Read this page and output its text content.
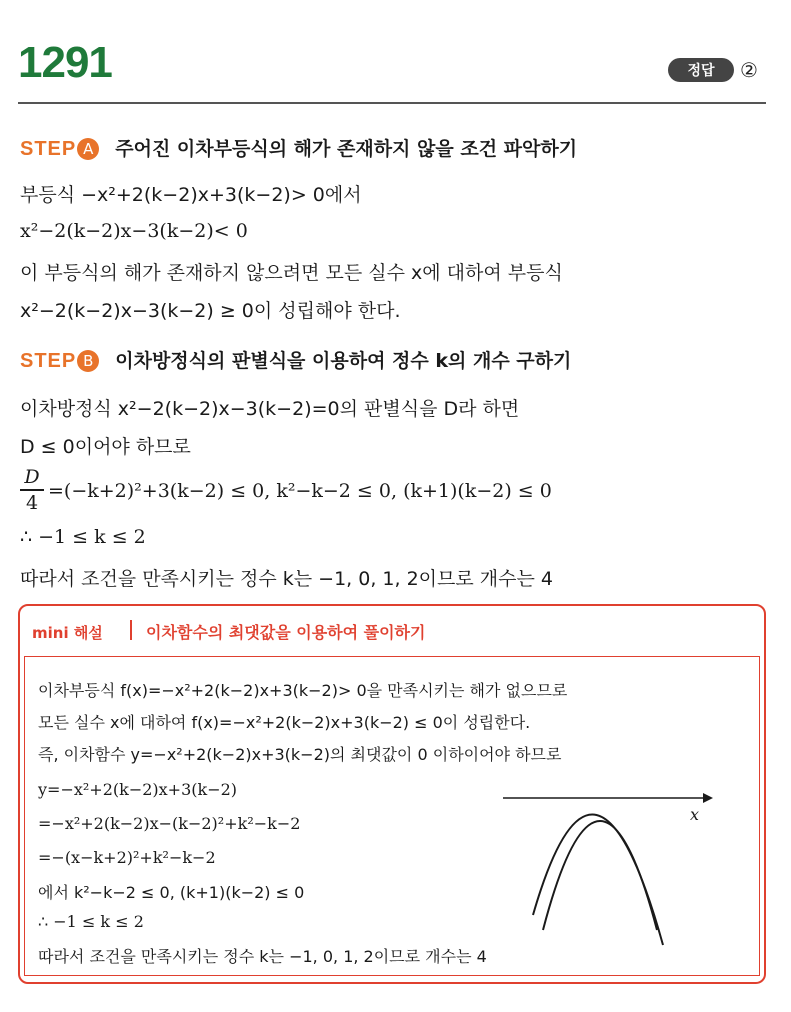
1291	정답	②
STEP A 주어진 이차부등식의 해가 존재하지 않을 조건 파악하기
부등식 −x²+2(k−2)x+3(k−2)> 0에서
x²−2(k−2)x−3(k−2)< 0
이 부등식의 해가 존재하지 않으려면 모든 실수 x에 대하여 부등식
x²−2(k−2)x−3(k−2) ≥ 0이 성립해야 한다.
STEP B 이차방정식의 판별식을 이용하여 정수 k의 개수 구하기
이차방정식 x²−2(k−2)x−3(k−2)=0의 판별식을 D라 하면
D ≤ 0이어야 하므로
D
4
=(−k+2)²+3(k−2) ≤ 0, k²−k−2 ≤ 0, (k+1)(k−2) ≤ 0
∴ −1 ≤ k ≤ 2
따라서 조건을 만족시키는 정수 k는 −1, 0, 1, 2이므로 개수는 4
mini 해설	이차함수의 최댓값을 이용하여 풀이하기
이차부등식 f(x)=−x²+2(k−2)x+3(k−2)> 0을 만족시키는 해가 없으므로
모든 실수 x에 대하여 f(x)=−x²+2(k−2)x+3(k−2) ≤ 0이 성립한다.
즉, 이차함수 y=−x²+2(k−2)x+3(k−2)의 최댓값이 0 이하이어야 하므로
y=−x²+2(k−2)x+3(k−2)
=−x²+2(k−2)x−(k−2)²+k²−k−2
=−(x−k+2)²+k²−k−2
에서 k²−k−2 ≤ 0, (k+1)(k−2) ≤ 0
∴ −1 ≤ k ≤ 2
따라서 조건을 만족시키는 정수 k는 −1, 0, 1, 2이므로 개수는 4
x
